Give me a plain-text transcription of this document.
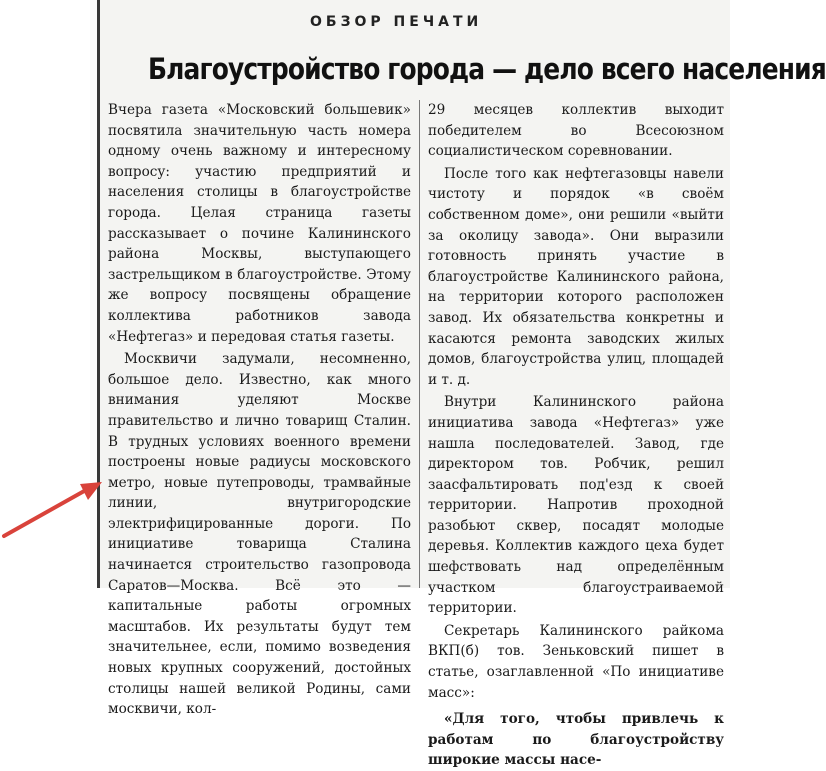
ОБЗОР ПЕЧАТИ
Благоустройство города — дело всего населения

Вчера газета «Московский большевик» посвятила значительную часть номера одному очень важному и интересному вопросу: участию предприятий и населения столицы в благоустройстве города. Целая страница газеты рассказывает о почине Калининского района Москвы, выступающего застрельщиком в благоустройстве. Этому же вопросу посвящены обращение коллектива работников завода «Нефтегаз» и передовая статья газеты.

Москвичи задумали, несомненно, большое дело. Известно, как много внимания уделяют Москве правительство и лично товарищ Сталин. В трудных условиях военного времени построены новые радиусы московского метро, новые путепроводы, трамвайные линии, внутригородские электрифицированные дороги. По инициативе товарища Сталина начинается строительство газопровода Саратов—Москва. Всё это — капитальные работы огромных масштабов. Их результаты будут тем значительнее, если, помимо возведения новых крупных сооружений, достойных столицы нашей великой Родины, сами москвичи, кол-

29 месяцев коллектив выходит победителем во Всесоюзном социалистическом соревновании.

После того как нефтегазовцы навели чистоту и порядок «в своём собственном доме», они решили «выйти за околицу завода». Они выразили готовность принять участие в благоустройстве Калининского района, на территории которого расположен завод. Их обязательства конкретны и касаются ремонта заводских жилых домов, благоустройства улиц, площадей и т. д.

Внутри Калининского района инициатива завода «Нефтегаз» уже нашла последователей. Завод, где директором тов. Робчик, решил заасфальтировать под'езд к своей территории. Напротив проходной разобьют сквер, посадят молодые деревья. Коллектив каждого цеха будет шефствовать над определённым участком благоустраиваемой территории.

Секретарь Калининского райкома ВКП(б) тов. Зеньковский пишет в статье, озаглавленной «По инициативе масс»:

«Для того, чтобы привлечь к работам по благоустройству широкие массы насе-
